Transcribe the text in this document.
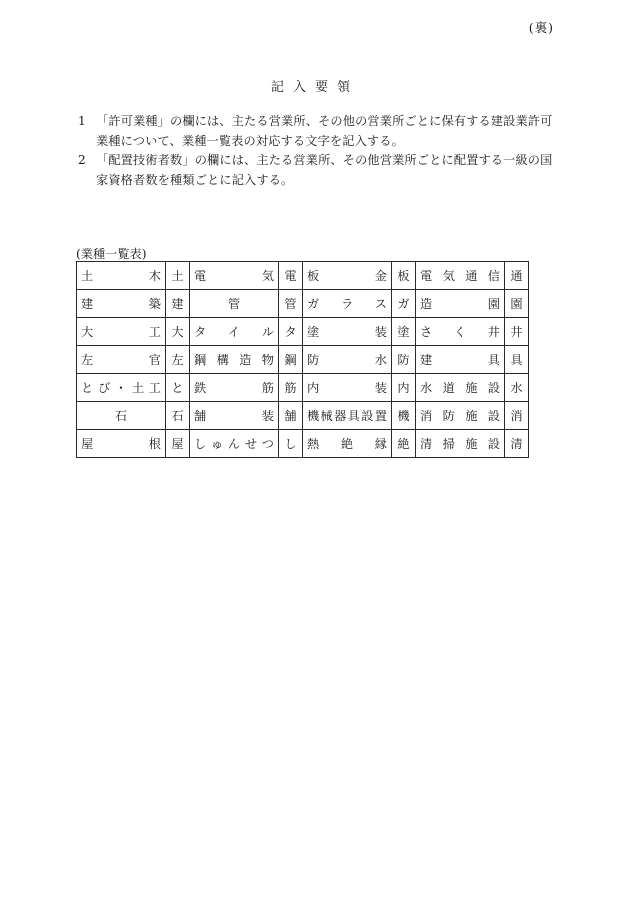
(裏)
記入要領
1 「許可業種」の欄には、主たる営業所、その他の営業所ごとに保有する建設業許可業種について、業種一覧表の対応する文字を記入する。
2 「配置技術者数」の欄には、主たる営業所、その他営業所ごとに配置する一級の国家資格者数を種類ごとに記入する。
(業種一覧表)
土木	土	電気	電	板金	板	電気通信	通

建築	建	管	管	ガラス	ガ	造園	園

大工	大	タイル	タ	塗装	塗	さく井	井

左官	左	鋼構造物	鋼	防水	防	建具	具

とび・土工	と	鉄筋	筋	内装	内	水道施設	水

石	石	舗装	舗	機械器具設置	機	消防施設	消

屋根	屋	しゅんせつ	し	熱絶縁	絶	清掃施設	清
